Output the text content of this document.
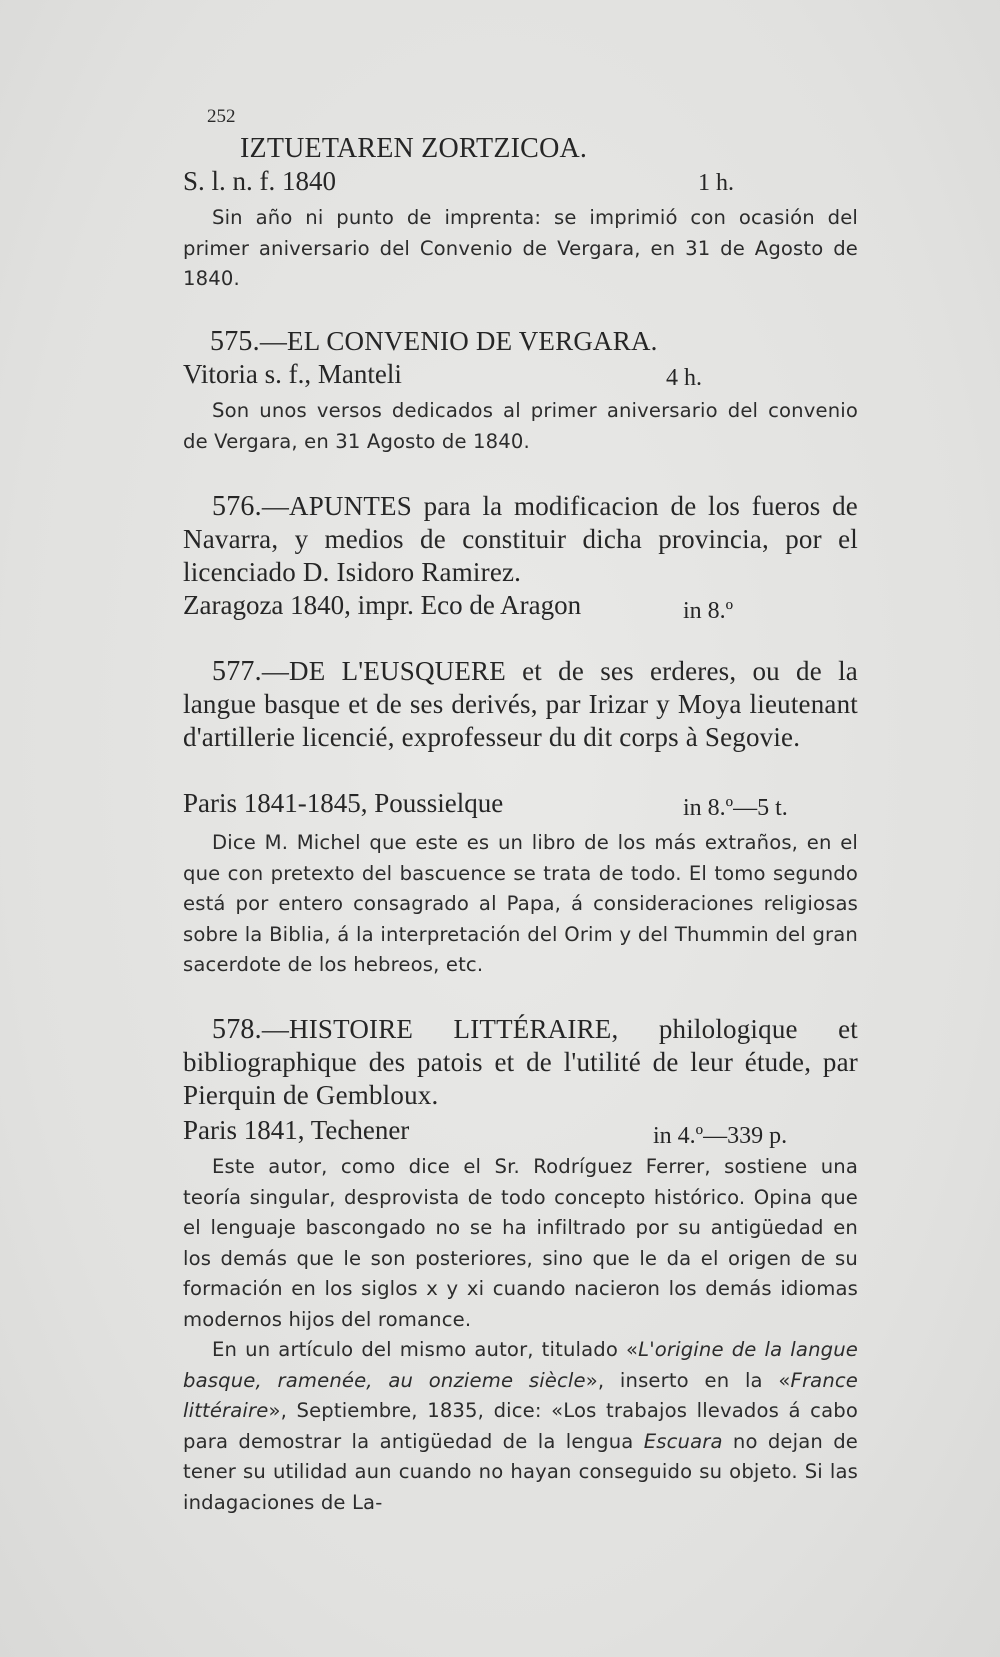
252
IZTUETAREN ZORTZICOA.
S. l. n. f. 1840	1 h.

Sin año ni punto de imprenta: se imprimió con ocasión del primer aniversario del Convenio de Vergara, en 31 de Agosto de 1840.

575.—EL CONVENIO DE VERGARA.
Vitoria s. f., Manteli	4 h.

Son unos versos dedicados al primer aniversario del convenio de Vergara, en 31 Agosto de 1840.

576.—APUNTES para la modificacion de los fueros de Navarra, y medios de constituir dicha provincia, por el licenciado D. Isidoro Ramirez.

Zaragoza 1840, impr. Eco de Aragon	in 8.º

577.—DE L'EUSQUERE et de ses erderes, ou de la langue basque et de ses derivés, par Irizar y Moya lieutenant d'artillerie licencié, exprofesseur du dit corps à Segovie.

Paris 1841-1845, Poussielque	in 8.º—5 t.

Dice M. Michel que este es un libro de los más extraños, en el que con pretexto del bascuence se trata de todo. El tomo segundo está por entero consagrado al Papa, á consideraciones religiosas sobre la Biblia, á la interpretación del Orim y del Thummin del gran sacerdote de los hebreos, etc.

578.—HISTOIRE LITTÉRAIRE, philologique et bibliographique des patois et de l'utilité de leur étude, par Pierquin de Gembloux.

Paris 1841, Techener	in 4.º—339 p.

Este autor, como dice el Sr. Rodríguez Ferrer, sostiene una teoría singular, desprovista de todo concepto histórico. Opina que el lenguaje bascongado no se ha infiltrado por su antigüedad en los demás que le son posteriores, sino que le da el origen de su formación en los siglos x y xi cuando nacieron los demás idiomas modernos hijos del romance.

En un artículo del mismo autor, titulado «L'origine de la langue basque, ramenée, au onzieme siècle», inserto en la «France littéraire», Septiembre, 1835, dice: «Los trabajos llevados á cabo para demostrar la antigüedad de la lengua Escuara no dejan de tener su utilidad aun cuando no hayan conseguido su objeto. Si las indagaciones de La-
